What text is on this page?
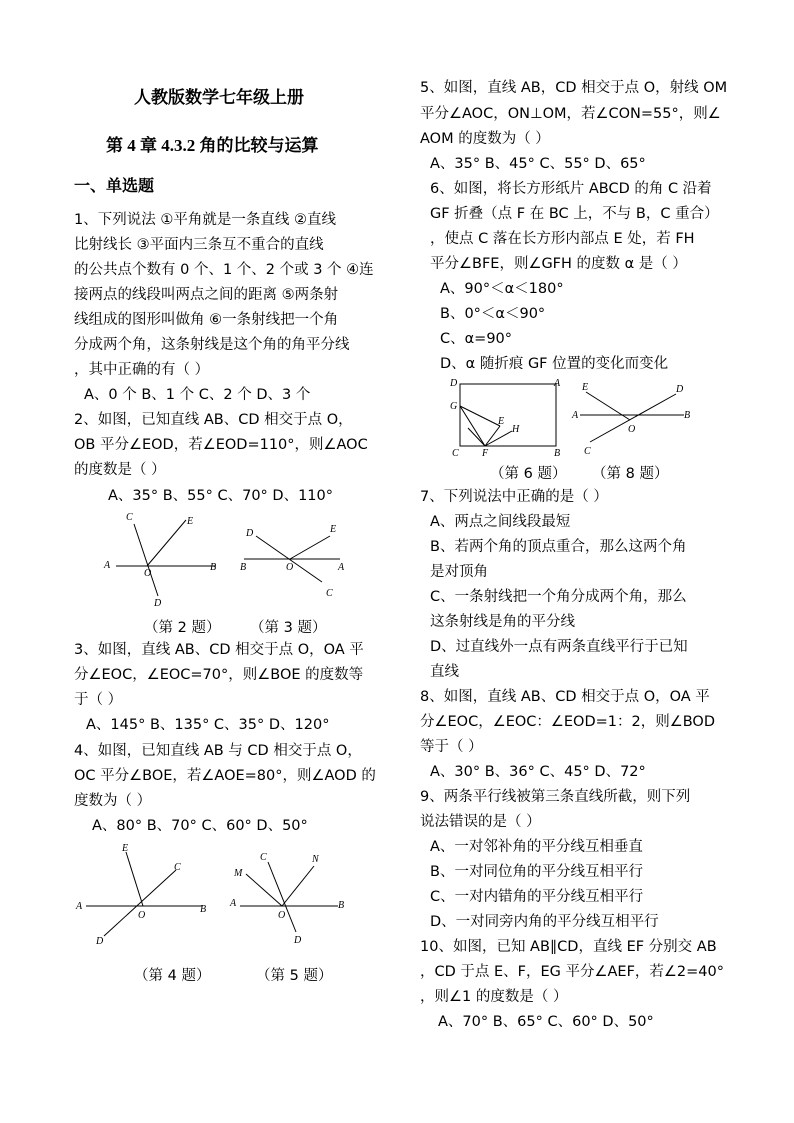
人教版数学七年级上册
第 4 章 4.3.2 角的比较与运算
一、单选题
1、下列说法 ①平角就是一条直线 ②直线
比射线长 ③平面内三条互不重合的直线
的公共点个数有 0 个、1 个、2 个或 3 个 ④连
接两点的线段叫两点之间的距离 ⑤两条射
线组成的图形叫做角 ⑥一条射线把一个角
分成两个角，这条射线是这个角的角平分线
，其中正确的有（ ）
A、0 个 B、1 个 C、2 个 D、3 个
2、如图，已知直线 AB、CD 相交于点 O，
OB 平分∠EOD，若∠EOD=110°，则∠AOC
的度数是（ ）
A、35° B、55° C、70° D、110°
（第 2 题） （第 3 题）
3、如图，直线 AB、CD 相交于点 O，OA 平
分∠EOC，∠EOC=70°，则∠BOE 的度数等
于（ ）
A、145° B、135° C、35° D、120°
4、如图，已知直线 AB 与 CD 相交于点 O，
OC 平分∠BOE，若∠AOE=80°，则∠AOD 的
度数为（ ）
A、80° B、70° C、60° D、50°
（第 4 题）	（第 5 题）
A	B
C
D
E
O
B	A
C
D	E
O
A	B
C
D
E
O
A	B
C
D
M
N
O
5、如图，直线 AB，CD 相交于点 O，射线 OM
平分∠AOC，ON⊥OM，若∠CON=55°，则∠
AOM 的度数为（ ）
A、35° B、45° C、55° D、65°
6、如图，将长方形纸片 ABCD 的角 C 沿着
GF 折叠（点 F 在 BC 上，不与 B，C 重合）
，使点 C 落在长方形内部点 E 处，若 FH
平分∠BFE，则∠GFH 的度数 α 是（ ）
A、90°＜α＜180°
B、0°＜α＜90°
C、α=90°
D、α 随折痕 GF 位置的变化而变化
（第 6 题） （第 8 题）
7、下列说法中正确的是（ ）
A、两点之间线段最短
B、若两个角的顶点重合，那么这两个角
是对顶角
C、一条射线把一个角分成两个角，那么
这条射线是角的平分线
D、过直线外一点有两条直线平行于已知
直线
8、如图，直线 AB、CD 相交于点 O，OA 平
分∠EOC，∠EOC：∠EOD=1：2，则∠BOD
等于（ ）
A、30° B、36° C、45° D、72°
9、两条平行线被第三条直线所截，则下列
说法错误的是（ ）
A、一对邻补角的平分线互相垂直
B、一对同位角的平分线互相平行
C、一对内错角的平分线互相平行
D、一对同旁内角的平分线互相平行
10、如图，已知 AB∥CD，直线 EF 分别交 AB
，CD 于点 E、F，EG 平分∠AEF，若∠2=40°
，则∠1 的度数是（ ）
A、70° B、65° C、60° D、50°
D	A
C	B
E
F
G
H
A	B
C
D
E
O
